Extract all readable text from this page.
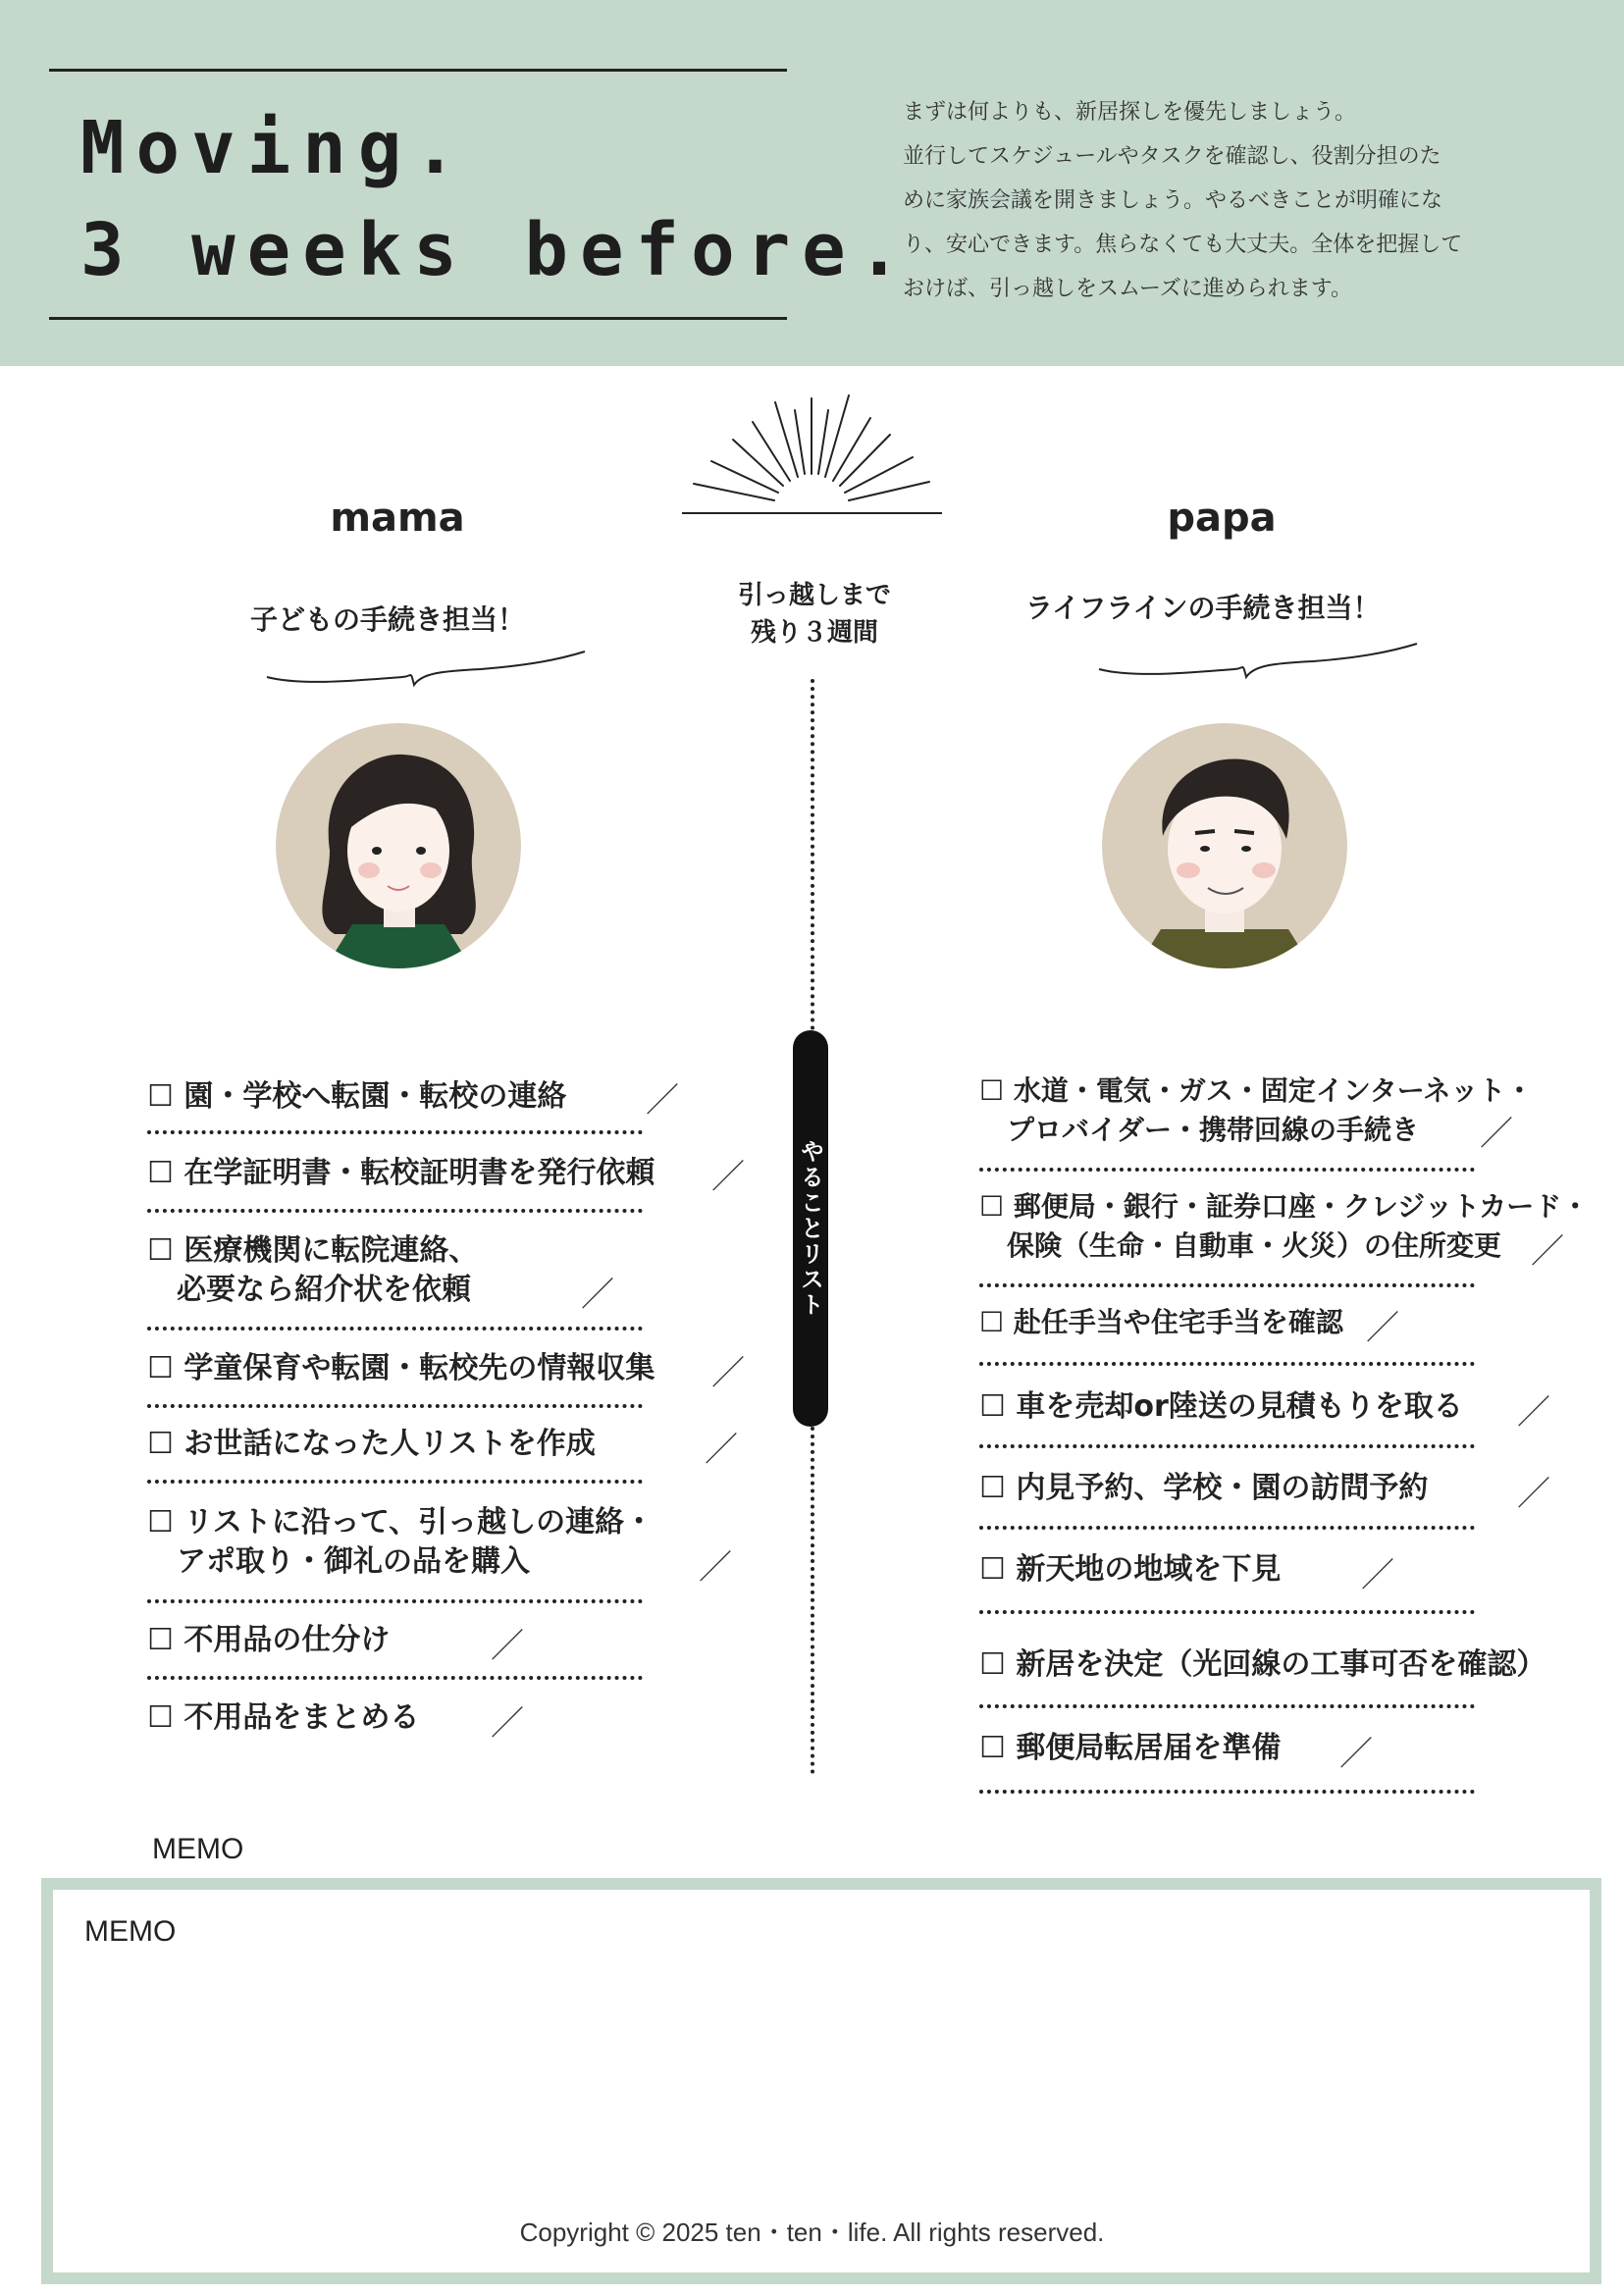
Moving.
3 weeks before.
まずは何よりも、新居探しを優先しましょう。
並行してスケジュールやタスクを確認し、役割分担のた
めに家族会議を開きましょう。やるべきことが明確にな
り、安心できます。焦らなくても大丈夫。全体を把握して
おけば、引っ越しをスムーズに進められます。
引っ越しまで
残り３週間
やることリスト
mama
子どもの手続き担当！
papa
ライフラインの手続き担当！
☐ 園・学校へ転園・転校の連絡 ／
☐ 在学証明書・転校証明書を発行依頼 ／
☐ 医療機関に転院連絡、
　必要なら紹介状を依頼	／
☐ 学童保育や転園・転校先の情報収集 ／
☐ お世話になった人リストを作成	／
☐ リストに沿って、引っ越しの連絡・
　アポ取り・御礼の品を購入	／
☐ 不用品の仕分け	／
☐ 不用品をまとめる ／
☐ 水道・電気・ガス・固定インターネット・
　プロバイダー・携帯回線の手続き	／
☐ 郵便局・銀行・証券口座・クレジットカード・
　保険（生命・自動車・火災）の住所変更 ／
☐ 赴任手当や住宅手当を確認 ／
☐ 車を売却or陸送の見積もりを取る ／
☐ 内見予約、学校・園の訪問予約	／
☐ 新天地の地域を下見 ／
☐ 新居を決定（光回線の工事可否を確認）
☐ 郵便局転居届を準備 ／
MEMO
MEMO
Copyright © 2025 ten・ten・life. All rights reserved.
